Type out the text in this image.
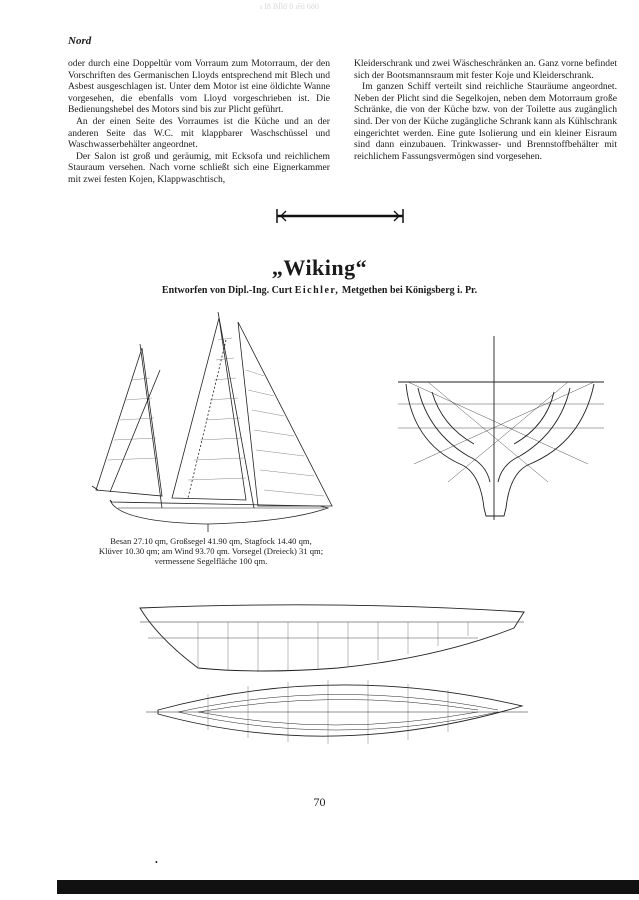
ı I8 Bİlö̈ 0 ıĕü 6ö0
Nord

oder durch eine Doppeltür vom Vorraum zum Motorraum, der den Vorschriften des Germanischen Lloyds entsprechend mit Blech und Asbest ausgeschlagen ist. Unter dem Motor ist eine öldichte Wanne vorgesehen, die ebenfalls vom Lloyd vorgeschrieben ist. Die Bedienungshebel des Motors sind bis zur Plicht geführt.

An der einen Seite des Vorraumes ist die Küche und an der anderen Seite das W.C. mit klappbarer Waschschüssel und Waschwasserbehälter angeordnet.

Der Salon ist groß und geräumig, mit Ecksofa und reichlichem Stauraum versehen. Nach vorne schließt sich eine Eignerkammer mit zwei festen Kojen, Klappwaschtisch,

Kleiderschrank und zwei Wäscheschränken an. Ganz vorne befindet sich der Bootsmannsraum mit fester Koje und Kleiderschrank.

Im ganzen Schiff verteilt sind reichliche Stauräume angeordnet. Neben der Plicht sind die Segelkojen, neben dem Motorraum große Schränke, die von der Küche bzw. von der Toilette aus zugänglich sind. Der von der Küche zugängliche Schrank kann als Kühlschrank eingerichtet werden. Eine gute Isolierung und ein kleiner Eisraum sind dann einzubauen. Trinkwasser- und Brennstoffbehälter mit reichlichem Fassungsvermögen sind vorgesehen.

„Wiking“
Entworfen von Dipl.-Ing. Curt Eichler, Metgethen bei Königsberg i. Pr.
Besan 27.10 qm, Großsegel 41.90 qm, Stagfock 14.40 qm,
Klüver 10.30 qm; am Wind 93.70 qm. Vorsegel (Dreieck) 31 qm;
vermessene Segelfläche 100 qm.
70
•
